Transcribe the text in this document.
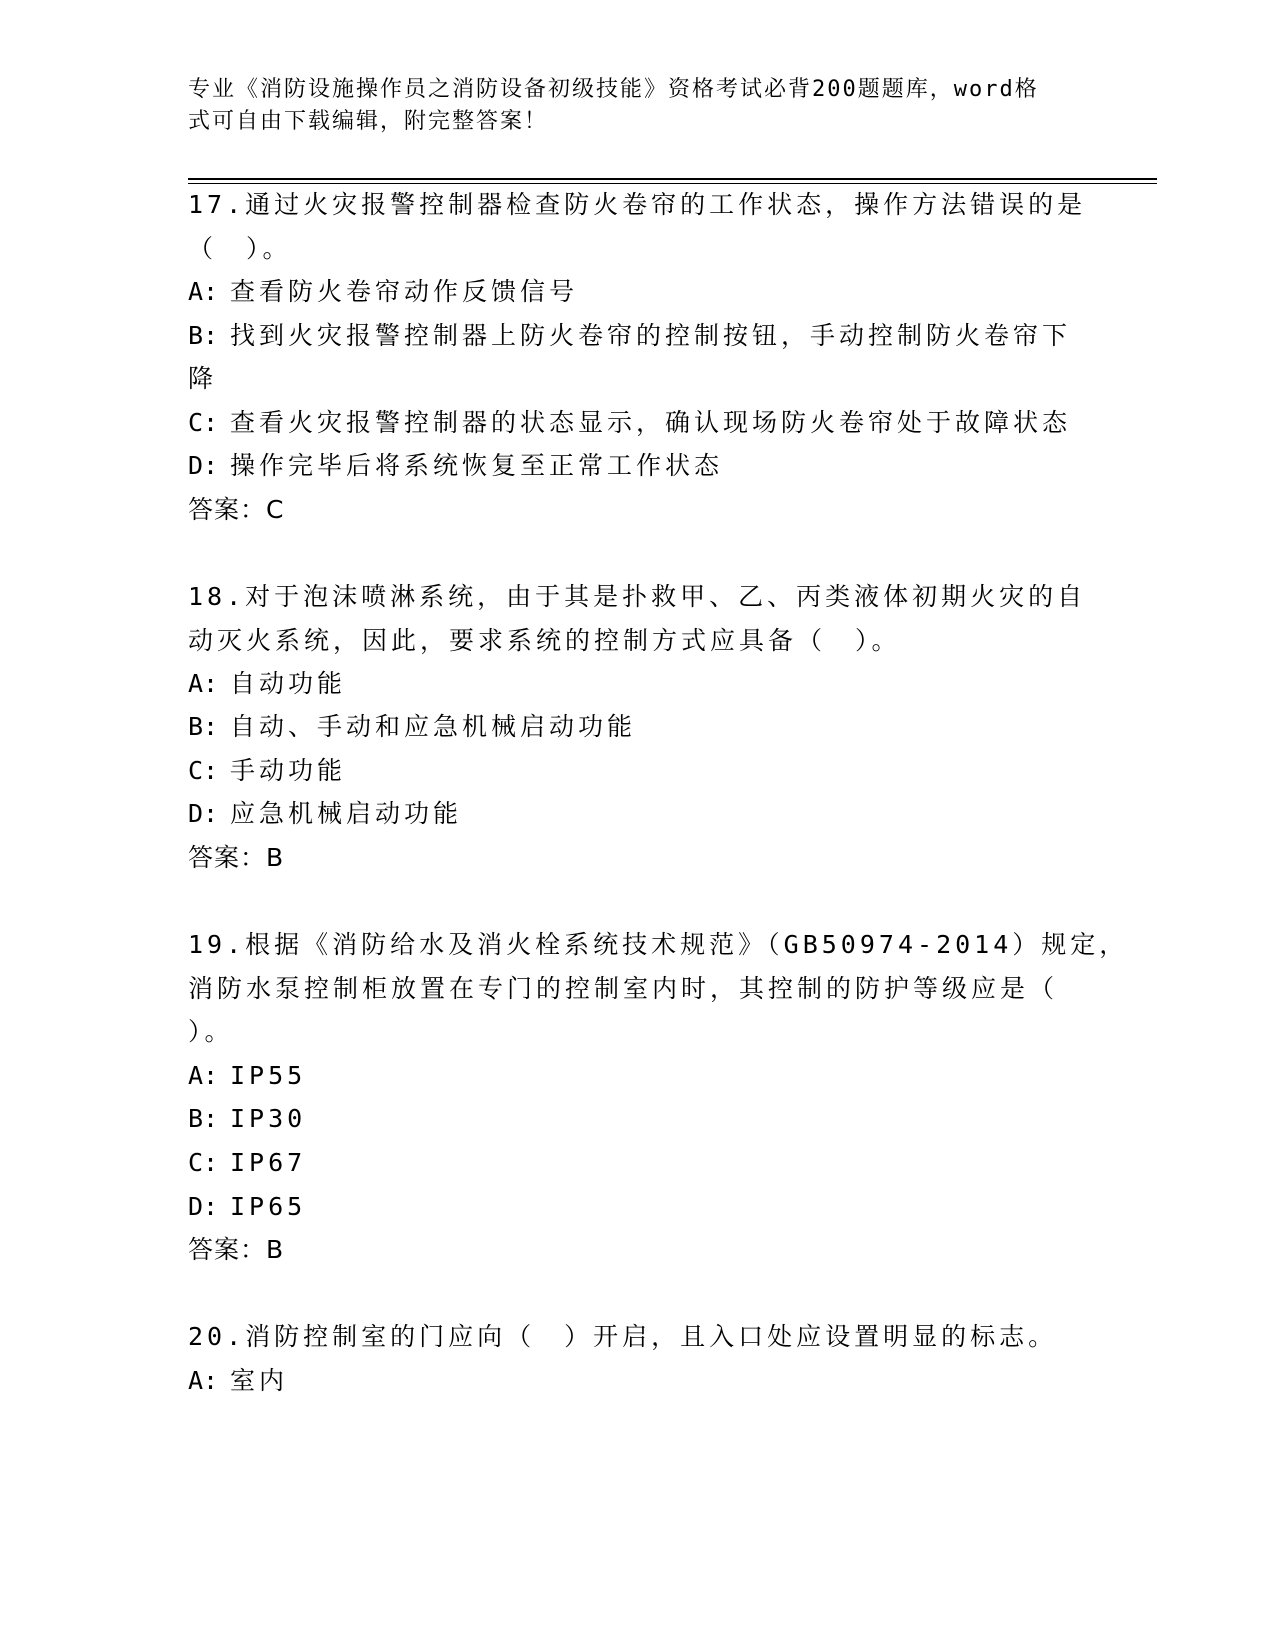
专业《消防设施操作员之消防设备初级技能》资格考试必背200题题库，word格
式可自由下载编辑，附完整答案！
17.通过火灾报警控制器检查防火卷帘的工作状态，操作方法错误的是
（　）。
A: 查看防火卷帘动作反馈信号
B: 找到火灾报警控制器上防火卷帘的控制按钮，手动控制防火卷帘下
降
C: 查看火灾报警控制器的状态显示，确认现场防火卷帘处于故障状态
D: 操作完毕后将系统恢复至正常工作状态
答案：C
18.对于泡沫喷淋系统，由于其是扑救甲、乙、丙类液体初期火灾的自
动灭火系统，因此，要求系统的控制方式应具备（　）。
A: 自动功能
B: 自动、手动和应急机械启动功能
C: 手动功能
D: 应急机械启动功能
答案：B
19.根据《消防给水及消火栓系统技术规范》（GB50974-2014）规定，
消防水泵控制柜放置在专门的控制室内时，其控制的防护等级应是（
）。
A: IP55
B: IP30
C: IP67
D: IP65
答案：B
20.消防控制室的门应向（　）开启，且入口处应设置明显的标志。
A: 室内
